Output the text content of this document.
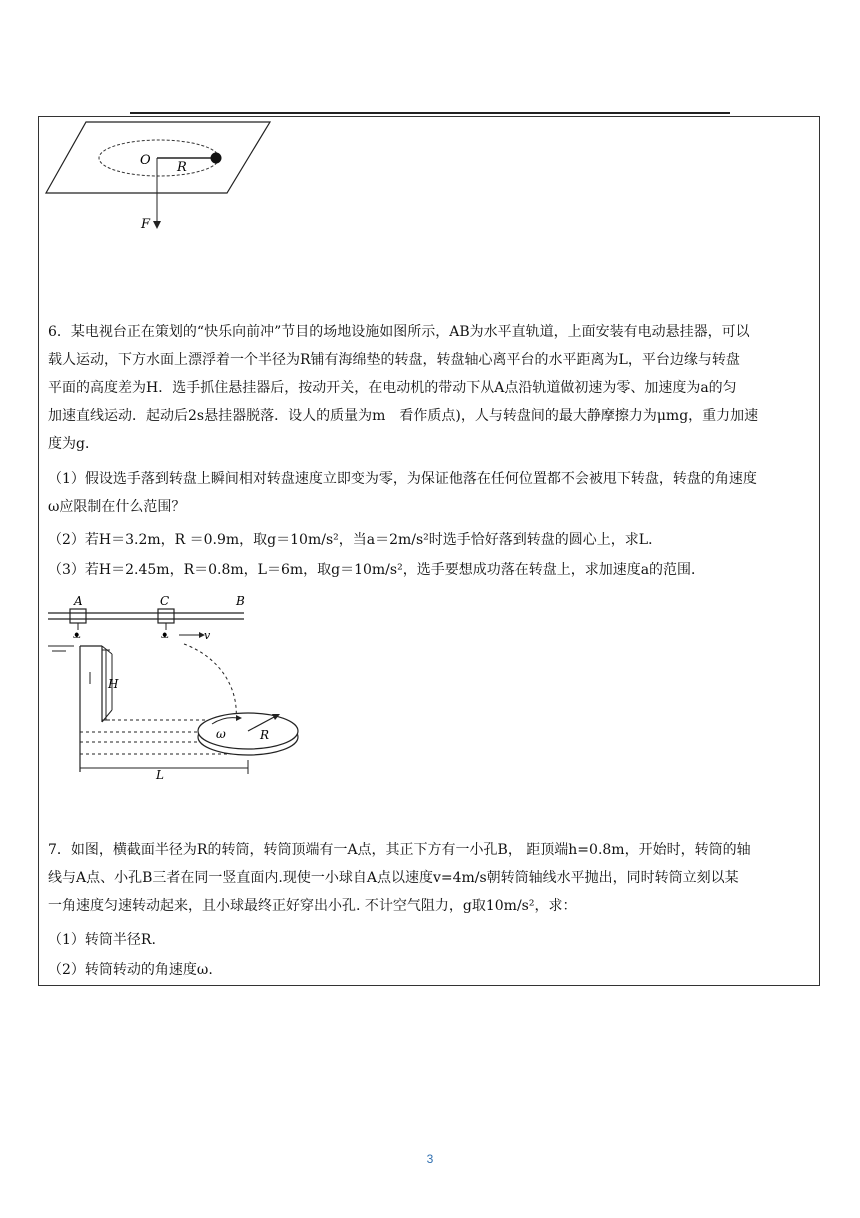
O R
F
6．某电视台正在策划的“快乐向前冲”节目的场地设施如图所示，AB为水平直轨道，上面安装有电动悬挂器，可以
载人运动，下方水面上漂浮着一个半径为R铺有海绵垫的转盘，转盘轴心离平台的水平距离为L，平台边缘与转盘
平面的高度差为H．选手抓住悬挂器后，按动开关，在电动机的带动下从A点沿轨道做初速为零、加速度为a的匀
加速直线运动．起动后2s悬挂器脱落．设人的质量为m　看作质点)，人与转盘间的最大静摩擦力为μmg，重力加速
度为g．
（1）假设选手落到转盘上瞬间相对转盘速度立即变为零，为保证他落在任何位置都不会被甩下转盘，转盘的角速度
ω应限制在什么范围？
（2）若H＝3.2m，R ＝0.9m，取g＝10m/s²，当a＝2m/s²时选手恰好落到转盘的圆心上，求L．
（3）若H＝2.45m，R＝0.8m，L＝6m，取g＝10m/s²，选手要想成功落在转盘上，求加速度a的范围．
ᴥ	ᴥ
A	C	B
v
H
ω	R
L
7．如图，横截面半径为R的转筒，转筒顶端有一A点，其正下方有一小孔B， 距顶端h=0.8m，开始时，转筒的轴
线与A点、小孔B三者在同一竖直面内.现使一小球自A点以速度v=4m/s朝转筒轴线水平抛出，同时转筒立刻以某
一角速度匀速转动起来，且小球最终正好穿出小孔. 不计空气阻力，g取10m/s²，求：
（1）转筒半径R.
（2）转筒转动的角速度ω.
3
